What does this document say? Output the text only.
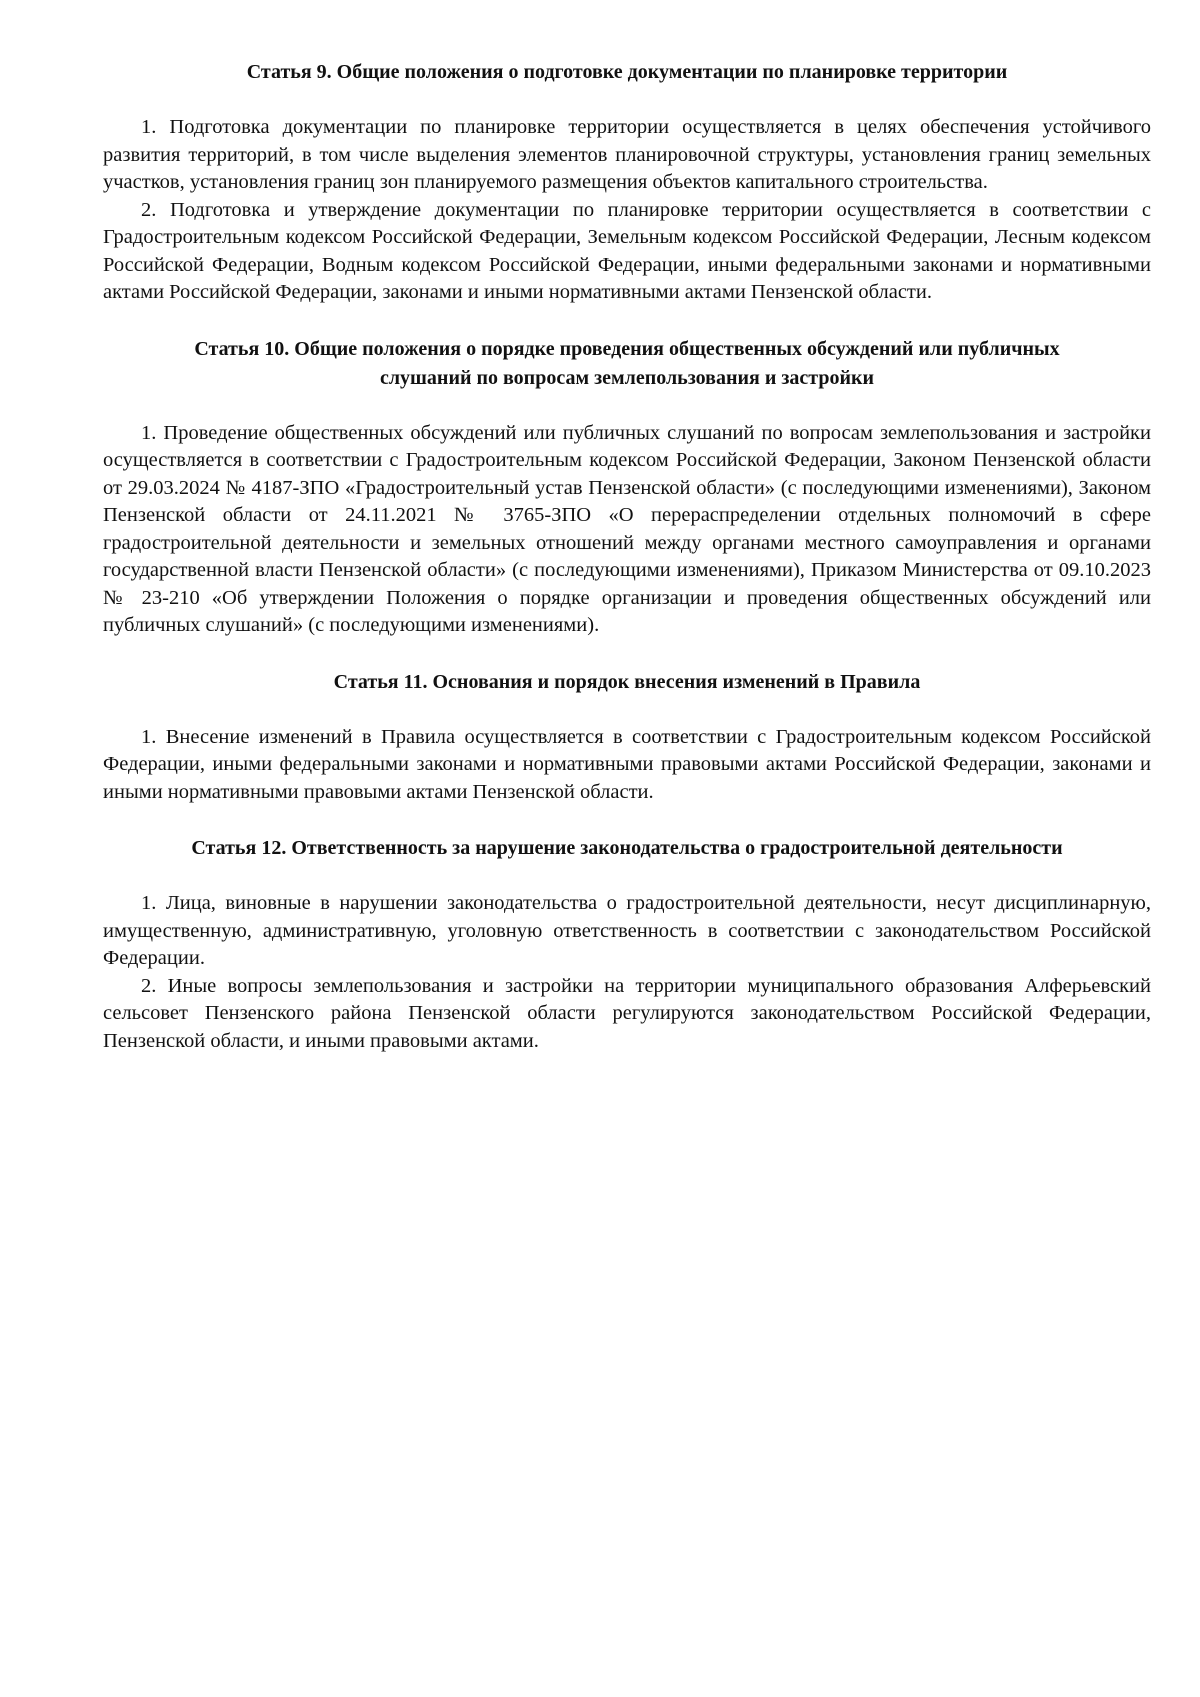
Статья 9. Общие положения о подготовке документации по планировке территории

1. Подготовка документации по планировке территории осуществляется в целях обеспечения устойчивого развития территорий, в том числе выделения элементов планировочной структуры, установления границ земельных участков, установления границ зон планируемого размещения объектов капитального строительства.

2. Подготовка и утверждение документации по планировке территории осуществляется в соответствии с Градостроительным кодексом Российской Федерации, Земельным кодексом Российской Федерации, Лесным кодексом Российской Федерации, Водным кодексом Российской Федерации, иными федеральными законами и нормативными актами Российской Федерации, законами и иными нормативными актами Пензенской области.

Статья 10. Общие положения о порядке проведения общественных обсуждений или публичных слушаний по вопросам землепользования и застройки

1. Проведение общественных обсуждений или публичных слушаний по вопросам землепользования и застройки осуществляется в соответствии с Градостроительным кодексом Российской Федерации, Законом Пензенской области от 29.03.2024 № 4187-ЗПО «Градостроительный устав Пензенской области» (с последующими изменениями), Законом Пензенской области от 24.11.2021 № 3765-ЗПО «О перераспределении отдельных полномочий в сфере градостроительной деятельности и земельных отношений между органами местного самоуправления и органами государственной власти Пензенской области» (с последующими изменениями), Приказом Министерства от 09.10.2023 № 23-210 «Об утверждении Положения о порядке организации и проведения общественных обсуждений или публичных слушаний» (с последующими изменениями).

Статья 11. Основания и порядок внесения изменений в Правила

1. Внесение изменений в Правила осуществляется в соответствии с Градостроительным кодексом Российской Федерации, иными федеральными законами и нормативными правовыми актами Российской Федерации, законами и иными нормативными правовыми актами Пензенской области.

Статья 12. Ответственность за нарушение законодательства о градостроительной деятельности

1. Лица, виновные в нарушении законодательства о градостроительной деятельности, несут дисциплинарную, имущественную, административную, уголовную ответственность в соответствии с законодательством Российской Федерации.

2. Иные вопросы землепользования и застройки на территории муниципального образования Алферьевский сельсовет Пензенского района Пензенской области регулируются законодательством Российской Федерации, Пензенской области, и иными правовыми актами.
